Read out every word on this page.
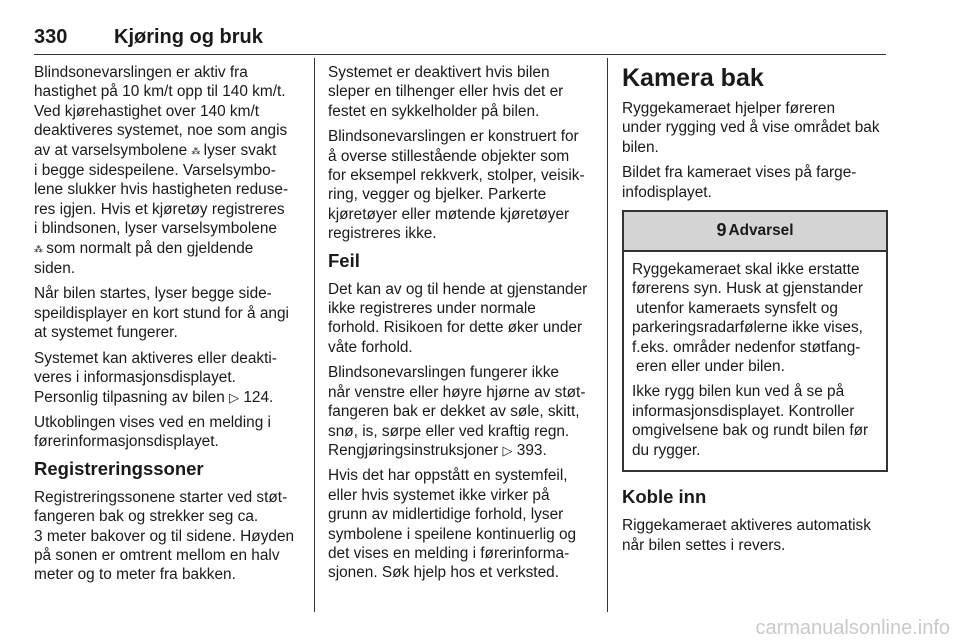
330 Kjøring og bruk
Blindsonevarslingen er aktiv fra
hastighet på 10 km/t opp til 140 km/t.
Ved kjørehastighet over 140 km/t
deaktiveres systemet, noe som angis
av at varselsymbolene ⁂ lyser svakt
i begge sidespeilene. Varselsymbo-
lene slukker hvis hastigheten reduse-
res igjen. Hvis et kjøretøy registreres
i blindsonen, lyser varselsymbolene
⁂ som normalt på den gjeldende
siden.
Når bilen startes, lyser begge side-
speildisplayer en kort stund for å angi
at systemet fungerer.
Systemet kan aktiveres eller deakti-
veres i informasjonsdisplayet.
Personlig tilpasning av bilen ▷ 124.
Utkoblingen vises ved en melding i
førerinformasjonsdisplayet.
Registreringssoner
Registreringssonene starter ved støt-
fangeren bak og strekker seg ca.
3 meter bakover og til sidene. Høyden
på sonen er omtrent mellom en halv
meter og to meter fra bakken.
Systemet er deaktivert hvis bilen
sleper en tilhenger eller hvis det er
festet en sykkelholder på bilen.
Blindsonevarslingen er konstruert for
å overse stillestående objekter som
for eksempel rekkverk, stolper, veisik-
ring, vegger og bjelker. Parkerte
kjøretøyer eller møtende kjøretøyer
registreres ikke.
Feil
Det kan av og til hende at gjenstander
ikke registreres under normale
forhold. Risikoen for dette øker under
våte forhold.
Blindsonevarslingen fungerer ikke
når venstre eller høyre hjørne av støt-
fangeren bak er dekket av søle, skitt,
snø, is, sørpe eller ved kraftig regn.
Rengjøringsinstruksjoner ▷ 393.
Hvis det har oppstått en systemfeil,
eller hvis systemet ikke virker på
grunn av midlertidige forhold, lyser
symbolene i speilene kontinuerlig og
det vises en melding i førerinforma-
sjonen. Søk hjelp hos et verksted.
Kamera bak
Ryggekameraet hjelper føreren
under rygging ved å vise området bak
bilen.
Bildet fra kameraet vises på farge-
infodisplayet.
9 Advarsel
Ryggekameraet skal ikke erstatte
førerens syn. Husk at gjenstander
utenfor kameraets synsfelt og
parkeringsradarfølerne ikke vises,
f.eks. områder nedenfor støtfang-
eren eller under bilen.
Ikke rygg bilen kun ved å se på
informasjonsdisplayet. Kontroller
omgivelsene bak og rundt bilen før
du rygger.
Koble inn
Riggekameraet aktiveres automatisk
når bilen settes i revers.
carmanualsonline.info
